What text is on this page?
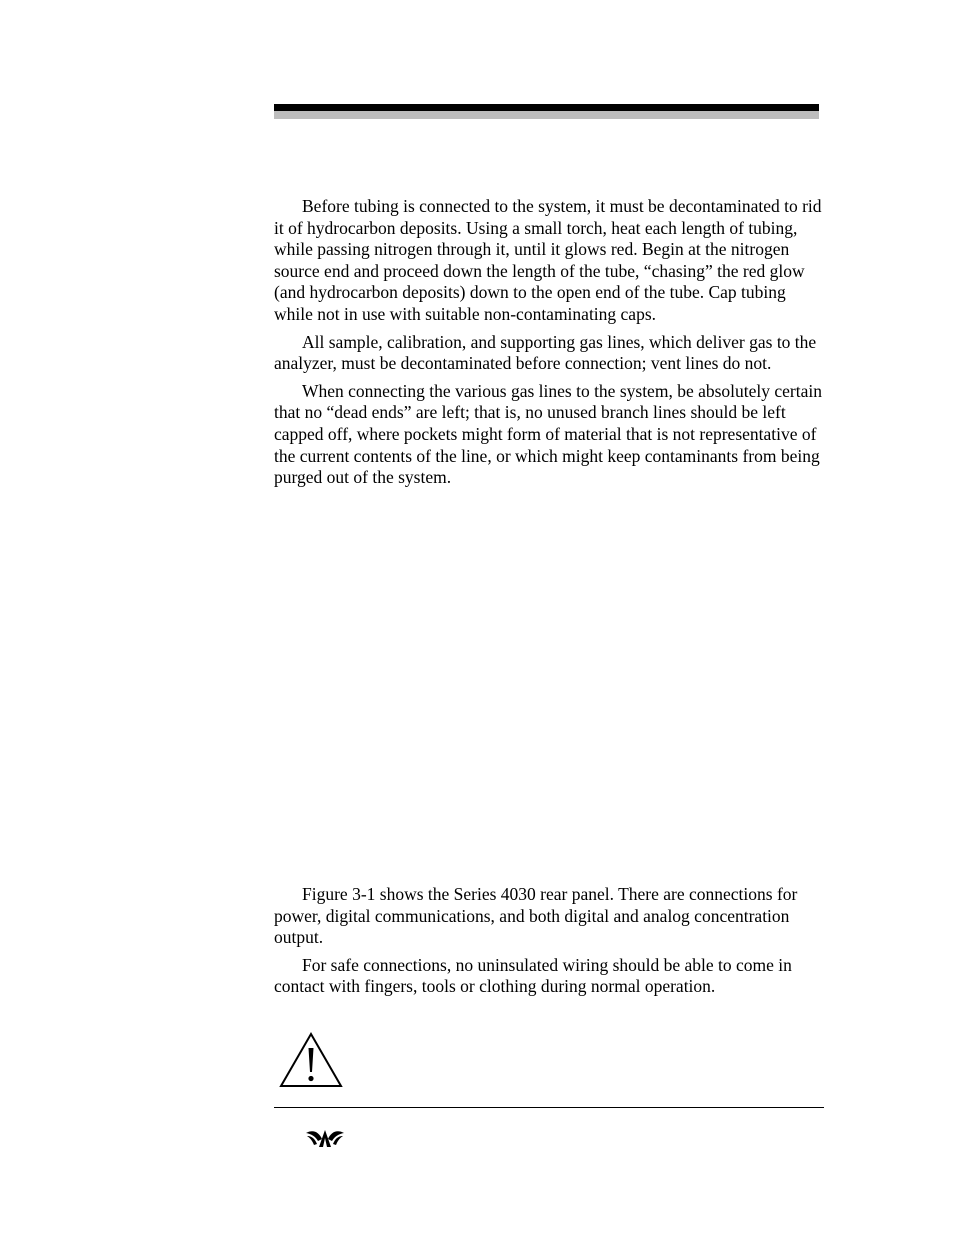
Before tubing is connected to the system, it must be decontaminated to rid it of hydrocarbon deposits. Using a small torch, heat each length of tubing, while passing nitrogen through it, until it glows red. Begin at the nitrogen source end and proceed down the length of the tube, “chasing” the red glow (and hydrocarbon deposits) down to the open end of the tube. Cap tubing while not in use with suitable non-contaminating caps.

All sample, calibration, and supporting gas lines, which deliver gas to the analyzer, must be decontaminated before connection; vent lines do not.

When connecting the various gas lines to the system, be absolutely certain that no “dead ends” are left; that is, no unused branch lines should be left capped off, where pockets might form of material that is not representative of the current contents of the line, or which might keep contaminants from being purged out of the system.

Figure 3-1 shows the Series 4030 rear panel. There are connections for power, digital communications, and both digital and analog concentration output.

For safe connections, no uninsulated wiring should be able to come in contact with fingers, tools or clothing during normal operation.
